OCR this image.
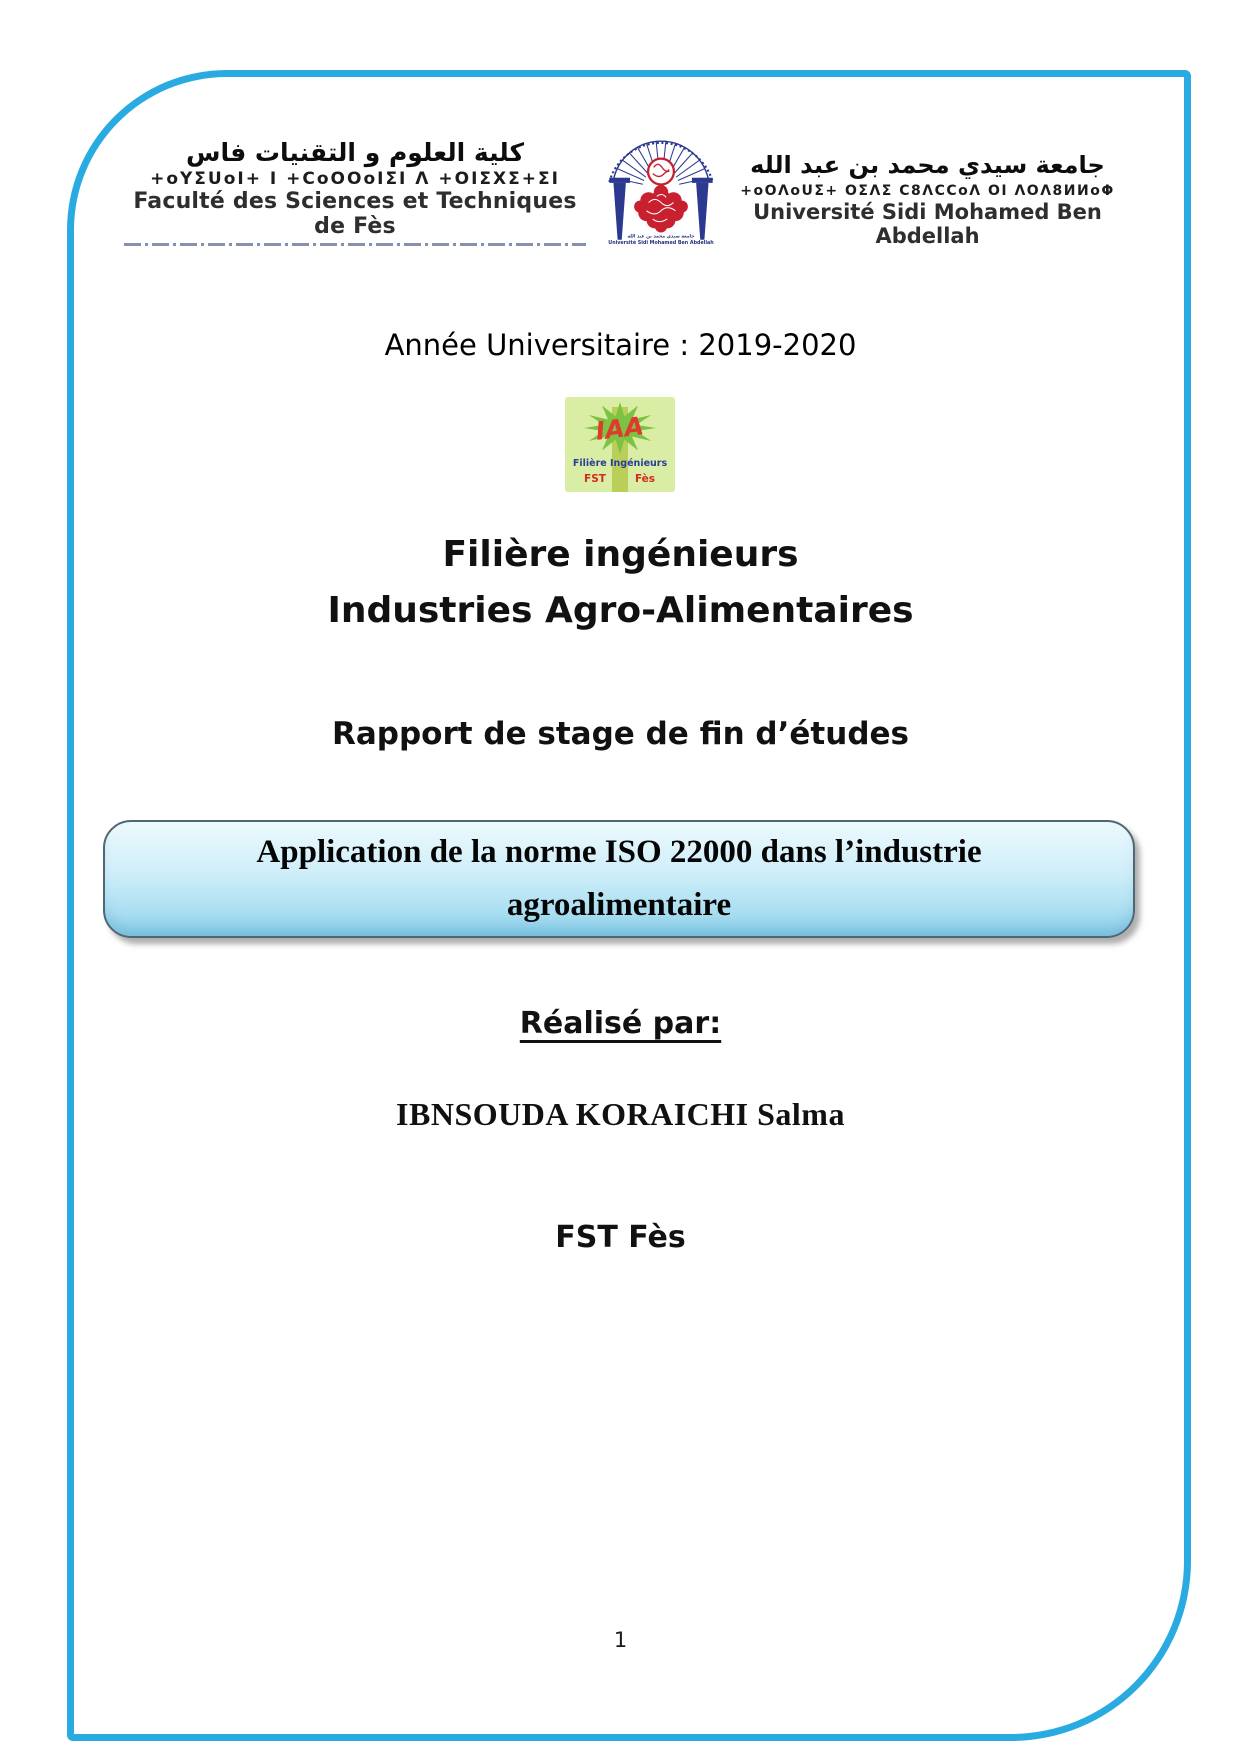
كلية العلوم و التقنيات فاس
+oYΣUoI+ I +CoOOoIΣI Λ +OIΣXΣ+ΣI
Faculté des Sciences et Techniques de Fès	جامعة سيدي محمد بن عبد الله
Université Sidi Mohamed Ben Abdellah
جامعة سيدي محمد بن عبد الله
+oOΛoUΣ+ OΣΛΣ C8ΛCCoΛ OI ΛOΛ8ИИoΦ
Université Sidi Mohamed Ben Abdellah
Année Universitaire : 2019-2020
IAA
Filière Ingénieurs
FST	Fès
Filière ingénieurs
Industries Agro-Alimentaires
Rapport de stage de fin d’études
Application de la norme ISO 22000 dans l’industrie
agroalimentaire
Réalisé par:
IBNSOUDA KORAICHI Salma
FST Fès
1
